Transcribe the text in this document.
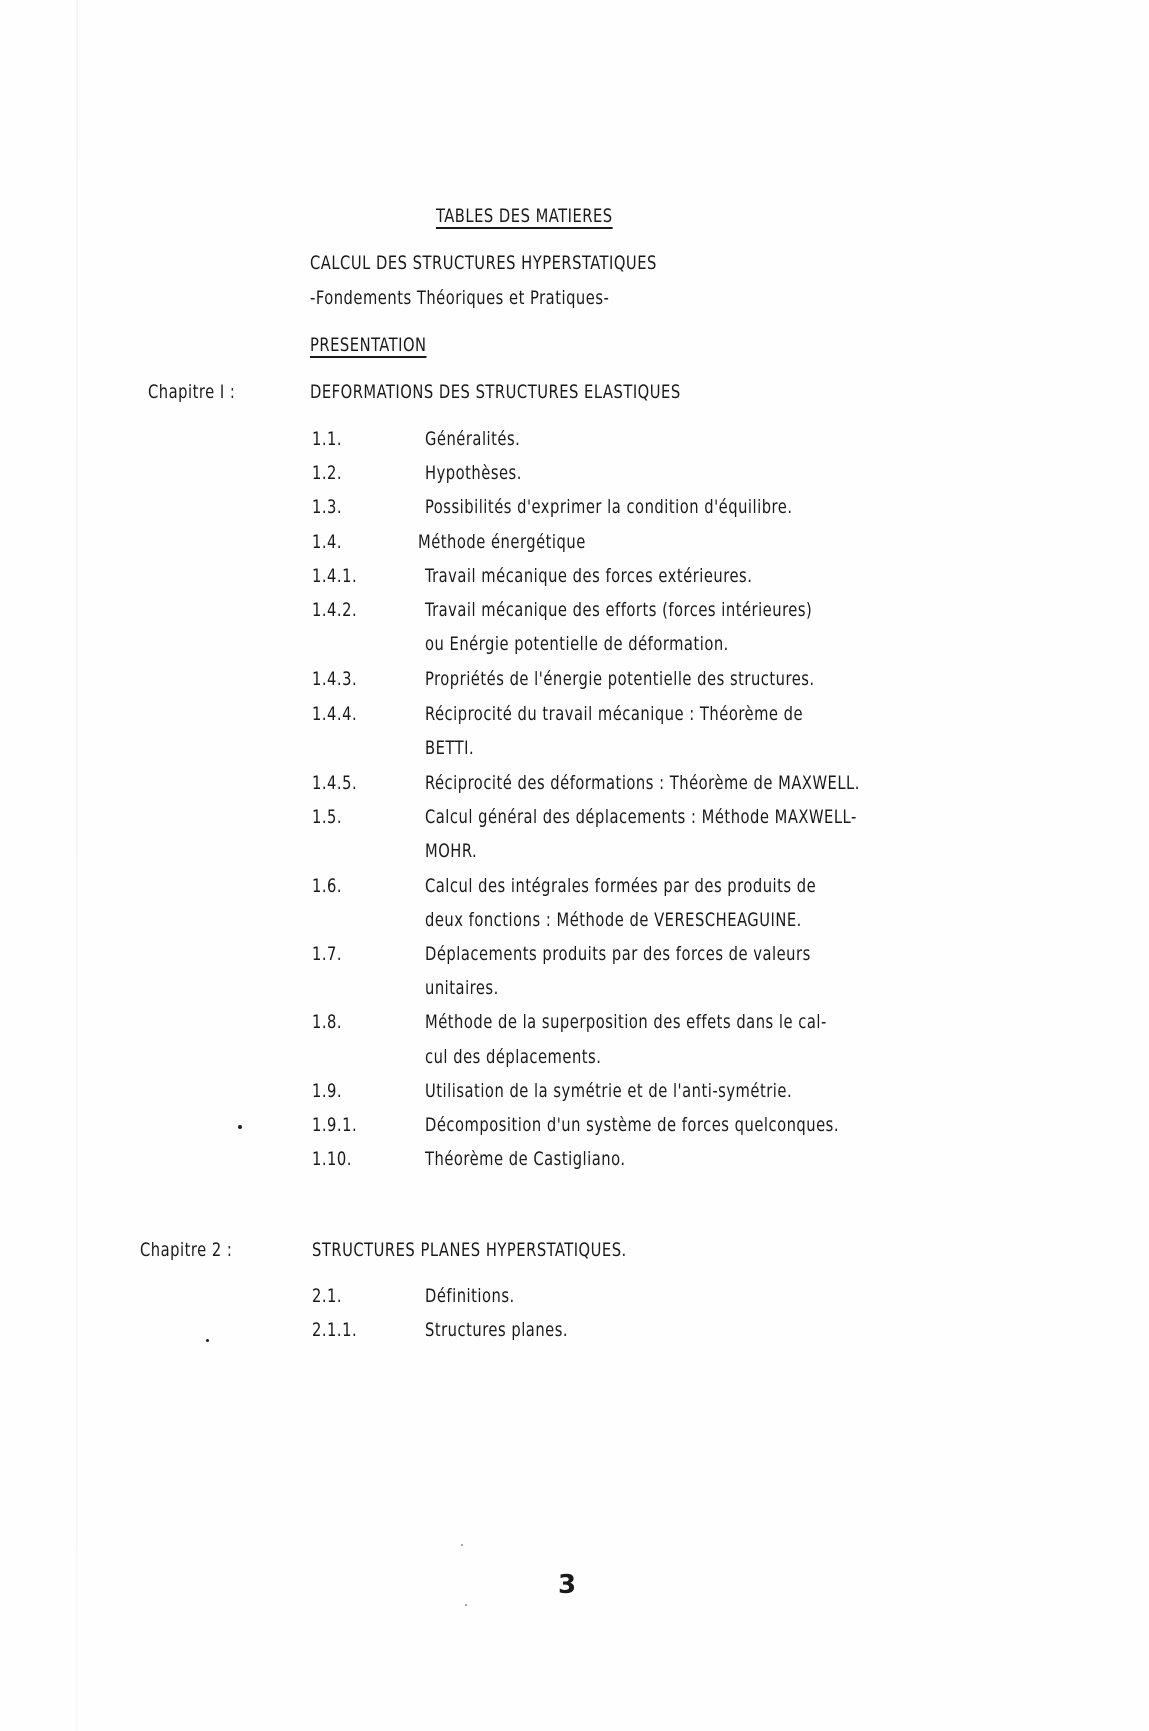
TABLES DES MATIERES
CALCUL DES STRUCTURES HYPERSTATIQUES
-Fondements Théoriques et Pratiques-
PRESENTATION
Chapitre I :	DEFORMATIONS DES STRUCTURES ELASTIQUES
1.1.	Généralités.
1.2.	Hypothèses.
1.3.	Possibilités d'exprimer la condition d'équilibre.
1.4.	Méthode énergétique
1.4.1.	Travail mécanique des forces extérieures.
1.4.2.	Travail mécanique des efforts (forces intérieures)
ou Enérgie potentielle de déformation.
1.4.3.	Propriétés de l'énergie potentielle des structures.
1.4.4.	Réciprocité du travail mécanique : Théorème de
BETTI.
1.4.5.	Réciprocité des déformations : Théorème de MAXWELL.
1.5.	Calcul général des déplacements : Méthode MAXWELL-
MOHR.
1.6.	Calcul des intégrales formées par des produits de
deux fonctions : Méthode de VERESCHEAGUINE.
1.7.	Déplacements produits par des forces de valeurs
unitaires.
1.8.	Méthode de la superposition des effets dans le cal-
cul des déplacements.
1.9.	Utilisation de la symétrie et de l'anti-symétrie.
1.9.1.	Décomposition d'un système de forces quelconques.
1.10.	Théorème de Castigliano.
Chapitre 2 :	STRUCTURES PLANES HYPERSTATIQUES.
2.1.	Définitions.
2.1.1.	Structures planes.
3
